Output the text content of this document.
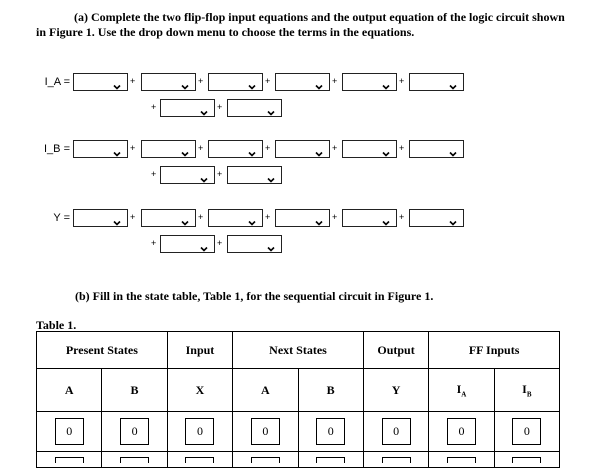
(a) Complete the two flip-flop input equations and the output equation of the logic circuit shown in Figure 1. Use the drop down menu to choose the terms in the equations.
I_A =	+	+	+	+	+
+	+
I_B =	+	+	+	+	+
+	+
Y =	+	+	+	+	+
+	+
(b) Fill in the state table, Table 1, for the sequential circuit in Figure 1.
Table 1.
Present States		Input	Next States		Output	FF Inputs	
A	B	X	A	B	Y	$I_A$	$I_B$
0	0	0	0	0	0	0	0
